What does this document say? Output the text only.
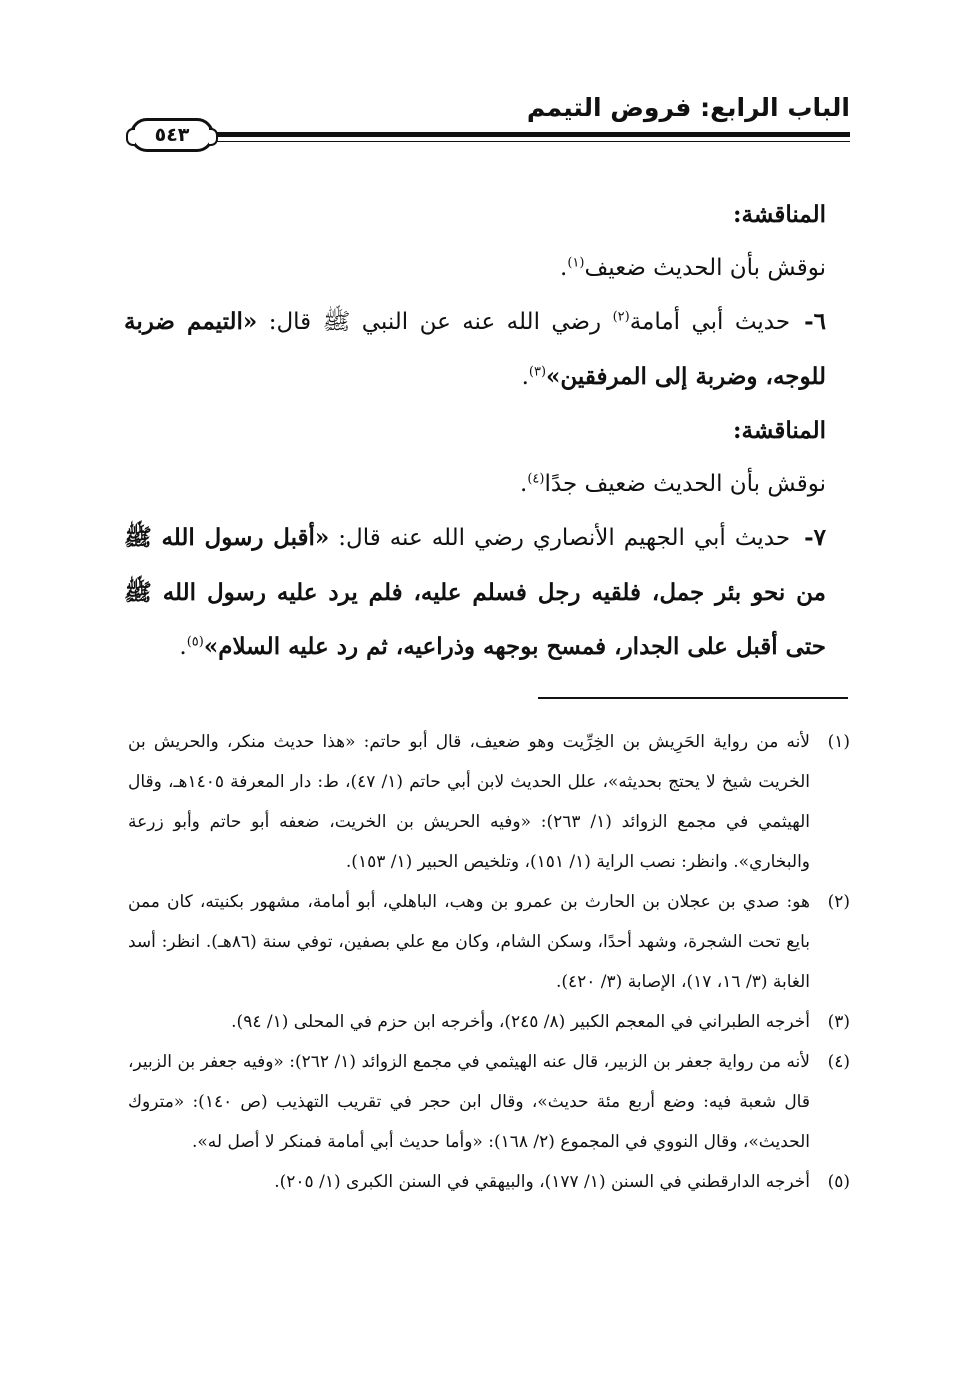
الباب الرابع: فروض التيمم
٥٤٣

المناقشة:

نوقش بأن الحديث ضعيف$^{(١)}$.

٦-حديث أبي أمامة$^{(٢)}$ رضي الله عنه عن النبي ﷺ قال: «التيمم ضربة للوجه، وضربة إلى المرفقين»$^{(٣)}$.

المناقشة:

نوقش بأن الحديث ضعيف جدًا$^{(٤)}$.

٧-حديث أبي الجهيم الأنصاري رضي الله عنه قال: «أقبل رسول الله ﷺ من نحو بئر جمل، فلقيه رجل فسلم عليه، فلم يرد عليه رسول الله ﷺ حتى أقبل على الجدار، فمسح بوجهه وذراعيه، ثم رد عليه السلام»$^{(٥)}$.

(١)
لأنه من رواية الحَرِيش بن الخِرِّيت وهو ضعيف، قال أبو حاتم: «هذا حديث منكر، والحريش بن الخريت شيخ لا يحتج بحديثه»، علل الحديث لابن أبي حاتم (١/ ٤٧)، ط: دار المعرفة ١٤٠٥هـ، وقال الهيثمي في مجمع الزوائد (١/ ٢٦٣): «وفيه الحريش بن الخريت، ضعفه أبو حاتم وأبو زرعة والبخاري». وانظر: نصب الراية (١/ ١٥١)، وتلخيص الحبير (١/ ١٥٣).
(٢)
هو: صدي بن عجلان بن الحارث بن عمرو بن وهب، الباهلي، أبو أمامة، مشهور بكنيته، كان ممن بايع تحت الشجرة، وشهد أحدًا، وسكن الشام، وكان مع علي بصفين، توفي سنة (٨٦هـ). انظر: أسد الغابة (٣/ ١٦، ١٧)، الإصابة (٣/ ٤٢٠).
(٣)
أخرجه الطبراني في المعجم الكبير (٨/ ٢٤٥)، وأخرجه ابن حزم في المحلى (١/ ٩٤).
(٤)
لأنه من رواية جعفر بن الزبير، قال عنه الهيثمي في مجمع الزوائد (١/ ٢٦٢): «وفيه جعفر بن الزبير، قال شعبة فيه: وضع أربع مئة حديث»، وقال ابن حجر في تقريب التهذيب (ص ١٤٠): «متروك الحديث»، وقال النووي في المجموع (٢/ ١٦٨): «وأما حديث أبي أمامة فمنكر لا أصل له».
(٥)
أخرجه الدارقطني في السنن (١/ ١٧٧)، والبيهقي في السنن الكبرى (١/ ٢٠٥).
